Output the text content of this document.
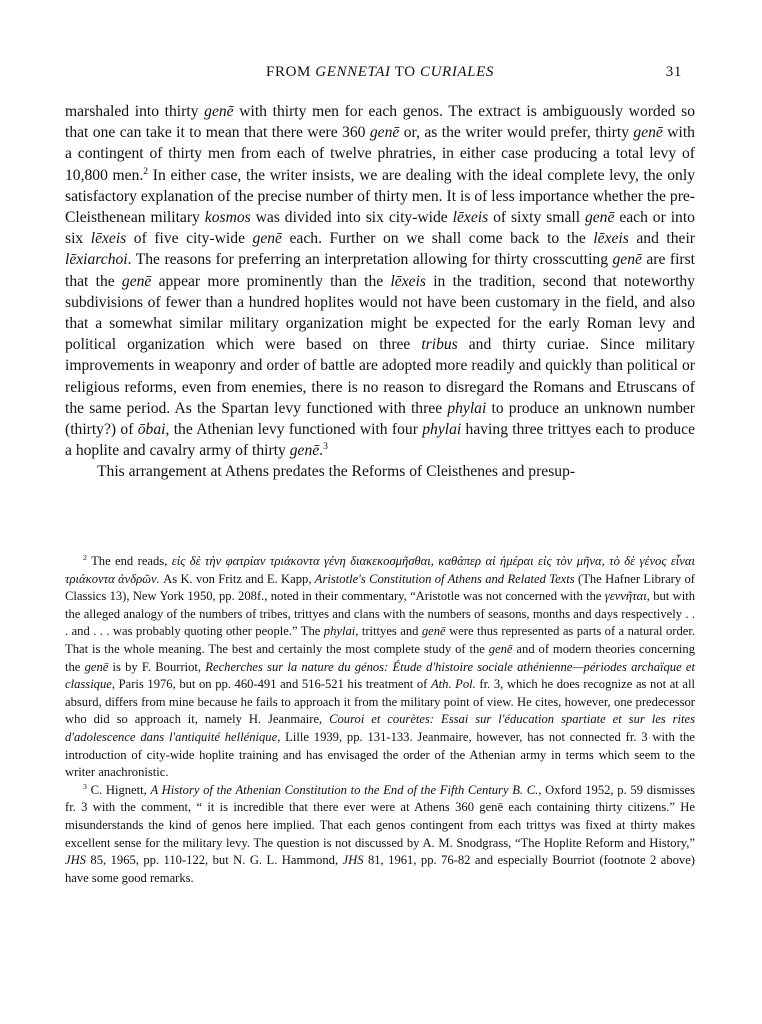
FROM GENNETAI TO CURIALES	31

marshaled into thirty genē with thirty men for each genos. The extract is ambiguously worded so that one can take it to mean that there were 360 genē or, as the writer would prefer, thirty genē with a contingent of thirty men from each of twelve phratries, in either case producing a total levy of 10,800 men.$^2$ In either case, the writer insists, we are dealing with the ideal complete levy, the only satisfactory explanation of the precise number of thirty men. It is of less importance whether the pre-Cleisthenean military kosmos was divided into six city-wide lēxeis of sixty small genē each or into six lēxeis of five city-wide genē each. Further on we shall come back to the lēxeis and their lēxiarchoi. The reasons for preferring an interpretation allowing for thirty crosscutting genē are first that the genē appear more prominently than the lēxeis in the tradition, second that noteworthy subdivisions of fewer than a hundred hoplites would not have been customary in the field, and also that a somewhat similar military organization might be expected for the early Roman levy and political organization which were based on three tribus and thirty curiae. Since military improvements in weaponry and order of battle are adopted more readily and quickly than political or religious reforms, even from enemies, there is no reason to disregard the Romans and Etruscans of the same period. As the Spartan levy functioned with three phylai to produce an unknown number (thirty?) of ōbai, the Athenian levy functioned with four phylai having three trittyes each to produce a hoplite and cavalry army of thirty genē.$^3$

This arrangement at Athens predates the Reforms of Cleisthenes and presup-

$^2$ The end reads, εἰς δὲ τὴν φατρίαν τριάκοντα γένη διακεκοσμῆσθαι, καθάπερ αἱ ἡμέραι εἰς τὸν μῆνα, τὸ δὲ γένος εἶναι τριάκοντα ἀνδρῶν. As K. von Fritz and E. Kapp, Aristotle's Constitution of Athens and Related Texts (The Hafner Library of Classics 13), New York 1950, pp. 208f., noted in their commentary, “Aristotle was not concerned with the γεννῆται, but with the alleged analogy of the numbers of tribes, trittyes and clans with the numbers of seasons, months and days respectively . . . and . . . was probably quoting other people.” The phylai, trittyes and genē were thus represented as parts of a natural order. That is the whole meaning. The best and certainly the most complete study of the genē and of modern theories concerning the genē is by F. Bourriot, Recherches sur la nature du génos: Étude d'histoire sociale athénienne—périodes archaïque et classique, Paris 1976, but on pp. 460-491 and 516-521 his treatment of Ath. Pol. fr. 3, which he does recognize as not at all absurd, differs from mine because he fails to approach it from the military point of view. He cites, however, one predecessor who did so approach it, namely H. Jeanmaire, Couroi et courètes: Essai sur l'éducation spartiate et sur les rites d'adolescence dans l'antiquité hellénique, Lille 1939, pp. 131-133. Jeanmaire, however, has not connected fr. 3 with the introduction of city-wide hoplite training and has envisaged the order of the Athenian army in terms which seem to the writer anachronistic.

$^3$ C. Hignett, A History of the Athenian Constitution to the End of the Fifth Century B. C., Oxford 1952, p. 59 dismisses fr. 3 with the comment, “ it is incredible that there ever were at Athens 360 genē each containing thirty citizens.” He misunderstands the kind of genos here implied. That each genos contingent from each trittys was fixed at thirty makes excellent sense for the military levy. The question is not discussed by A. M. Snodgrass, “The Hoplite Reform and History,” JHS 85, 1965, pp. 110-122, but N. G. L. Hammond, JHS 81, 1961, pp. 76-82 and especially Bourriot (footnote 2 above) have some good remarks.
